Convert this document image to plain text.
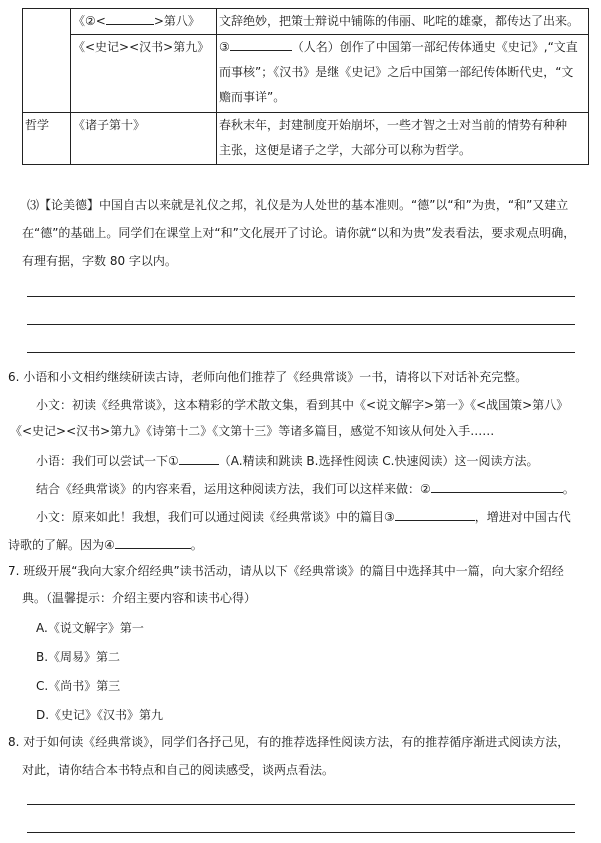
	《②< >第八》	文辞绝妙，把策士辩说中铺陈的伟丽、叱咤的雄豪，都传达了出来。
	《<史记><汉书>第九》	③ （人名）创作了中国第一部纪传体通史《史记》,“文直
而事核”；《汉书》是继《史记》之后中国第一部纪传体断代史，“文
赡而事详”。

哲学	《诸子第十》	春秋末年，封建制度开始崩坏，一些才智之士对当前的情势有种种
主张，这便是诸子之学，大部分可以称为哲学。
⑶【论美德】中国自古以来就是礼仪之邦，礼仪是为人处世的基本准则。“德”以“和”为贵，“和”又建立
在“德”的基础上。同学们在课堂上对“和”文化展开了讨论。请你就“以和为贵”发表看法，要求观点明确，
有理有据，字数 80 字以内。
6. 小语和小文相约继续研读古诗，老师向他们推荐了《经典常谈》一书，请将以下对话补充完整。
小文：初读《经典常谈》，这本精彩的学术散文集，看到其中《<说文解字>第一》《<战国策>第八》
《<史记><汉书>第九》《诗第十二》《文第十三》等诸多篇目，感觉不知该从何处入手……
小语：我们可以尝试一下①	（A.精读和跳读 B.选择性阅读 C.快速阅读）这一阅读方法。
结合《经典常谈》的内容来看，运用这种阅读方法，我们可以这样来做：②	。
小文：原来如此！我想，我们可以通过阅读《经典常谈》中的篇目③	，增进对中国古代
诗歌的了解。因为④	。
7. 班级开展“我向大家介绍经典”读书活动，请从以下《经典常谈》的篇目中选择其中一篇，向大家介绍经
典。（温馨提示：介绍主要内容和读书心得）
A.《说文解字》第一
B.《周易》第二
C.《尚书》第三
D.《史记》《汉书》第九
8. 对于如何读《经典常谈》，同学们各抒己见，有的推荐选择性阅读方法，有的推荐循序渐进式阅读方法，
对此，请你结合本书特点和自己的阅读感受，谈两点看法。
